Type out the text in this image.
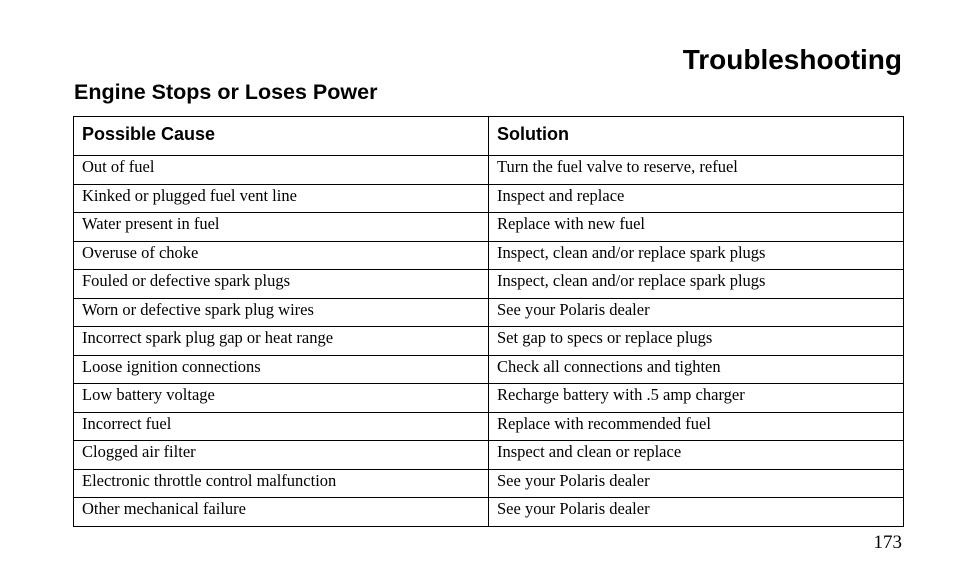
Troubleshooting
Engine Stops or Loses Power
Possible Cause	Solution
Out of fuel	Turn the fuel valve to reserve, refuel
Kinked or plugged fuel vent line	Inspect and replace
Water present in fuel	Replace with new fuel
Overuse of choke	Inspect, clean and/or replace spark plugs
Fouled or defective spark plugs	Inspect, clean and/or replace spark plugs
Worn or defective spark plug wires	See your Polaris dealer
Incorrect spark plug gap or heat range	Set gap to specs or replace plugs
Loose ignition connections	Check all connections and tighten
Low battery voltage	Recharge battery with .5 amp charger
Incorrect fuel	Replace with recommended fuel
Clogged air filter	Inspect and clean or replace
Electronic throttle control malfunction	See your Polaris dealer
Other mechanical failure	See your Polaris dealer
173
